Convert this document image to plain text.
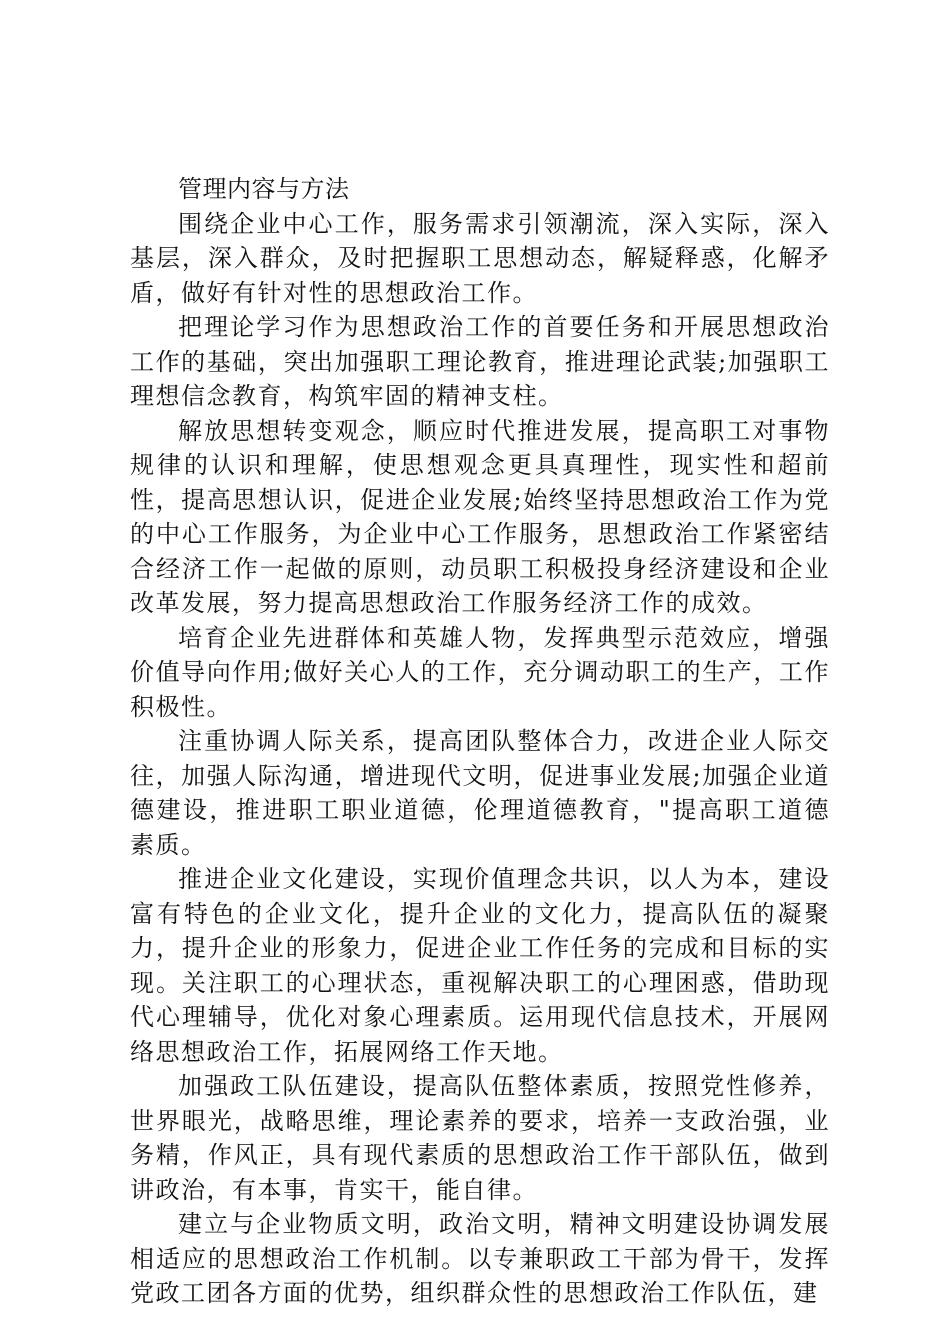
管理内容与方法

围绕企业中心工作，服务需求引领潮流，深入实际，深入基层，深入群众，及时把握职工思想动态，解疑释惑，化解矛盾，做好有针对性的思想政治工作。

把理论学习作为思想政治工作的首要任务和开展思想政治工作的基础，突出加强职工理论教育，推进理论武装;加强职工理想信念教育，构筑牢固的精神支柱。

解放思想转变观念，顺应时代推进发展，提高职工对事物规律的认识和理解，使思想观念更具真理性，现实性和超前性，提高思想认识，促进企业发展;始终坚持思想政治工作为党的中心工作服务，为企业中心工作服务，思想政治工作紧密结合经济工作一起做的原则，动员职工积极投身经济建设和企业改革发展，努力提高思想政治工作服务经济工作的成效。

培育企业先进群体和英雄人物，发挥典型示范效应，增强价值导向作用;做好关心人的工作，充分调动职工的生产，工作积极性。

注重协调人际关系，提高团队整体合力，改进企业人际交往，加强人际沟通，增进现代文明，促进事业发展;加强企业道德建设，推进职工职业道德，伦理道德教育，"提高职工道德素质。

推进企业文化建设，实现价值理念共识，以人为本，建设富有特色的企业文化，提升企业的文化力，提高队伍的凝聚力，提升企业的形象力，促进企业工作任务的完成和目标的实现。关注职工的心理状态，重视解决职工的心理困惑，借助现代心理辅导，优化对象心理素质。运用现代信息技术，开展网络思想政治工作，拓展网络工作天地。

加强政工队伍建设，提高队伍整体素质，按照党性修养，世界眼光，战略思维，理论素养的要求，培养一支政治强，业务精，作风正，具有现代素质的思想政治工作干部队伍，做到讲政治，有本事，肯实干，能自律。

建立与企业物质文明，政治文明，精神文明建设协调发展相适应的思想政治工作机制。以专兼职政工干部为骨干，发挥党政工团各方面的优势，组织群众性的思想政治工作队伍，建
